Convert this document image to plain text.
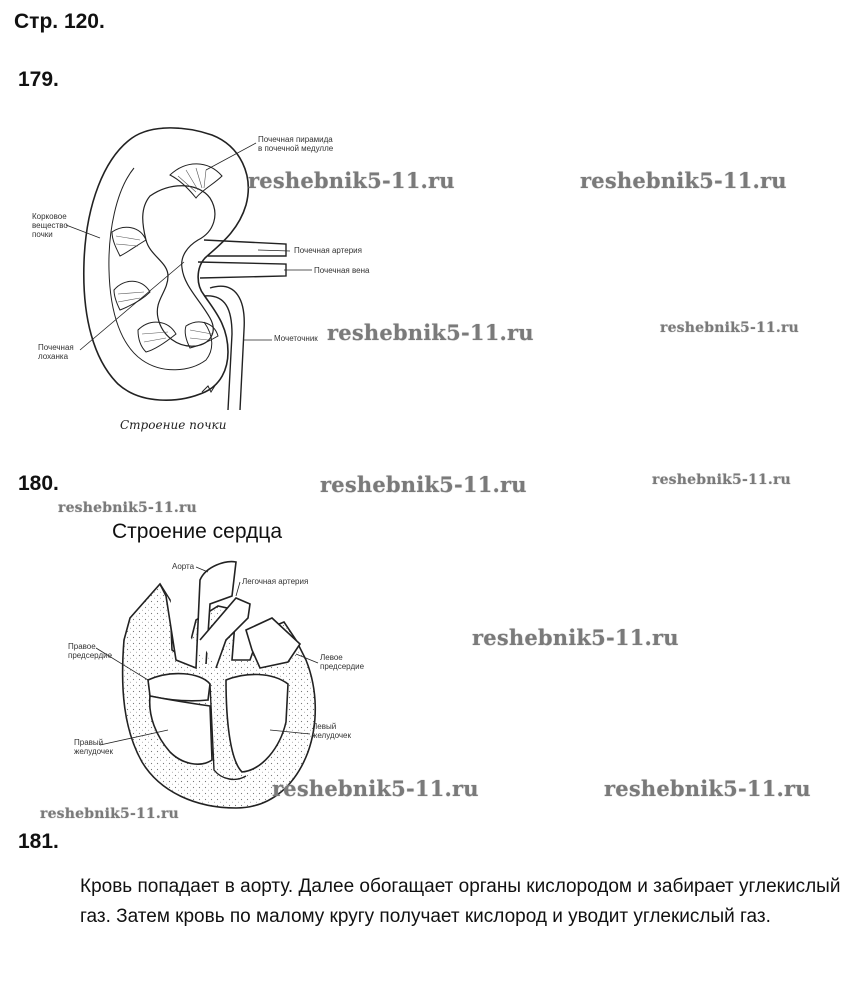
Стр. 120.
179.
Почечная пирамида
в почечной медулле
Корковое
вещество
почки
Почечная артерия
Почечная вена
Мочеточник
Почечная
лоханка
Строение почки
reshebnik5-11.ru	reshebnik5-11.ru
reshebnik5-11.ru	reshebnik5-11.ru
180.	reshebnik5-11.ru	reshebnik5-11.ru
reshebnik5-11.ru
Строение сердца
Аорта
Легочная артерия
Правое
предсердие	Левое
предсердие
Правый
желудочек
Левый
желудочек
reshebnik5-11.ru
reshebnik5-11.ru	reshebnik5-11.ru
reshebnik5-11.ru
181.
Кровь попадает в аорту. Далее обогащает органы кислородом и забирает углекислый газ. Затем кровь по малому кругу получает кислород и уводит углекислый газ.
